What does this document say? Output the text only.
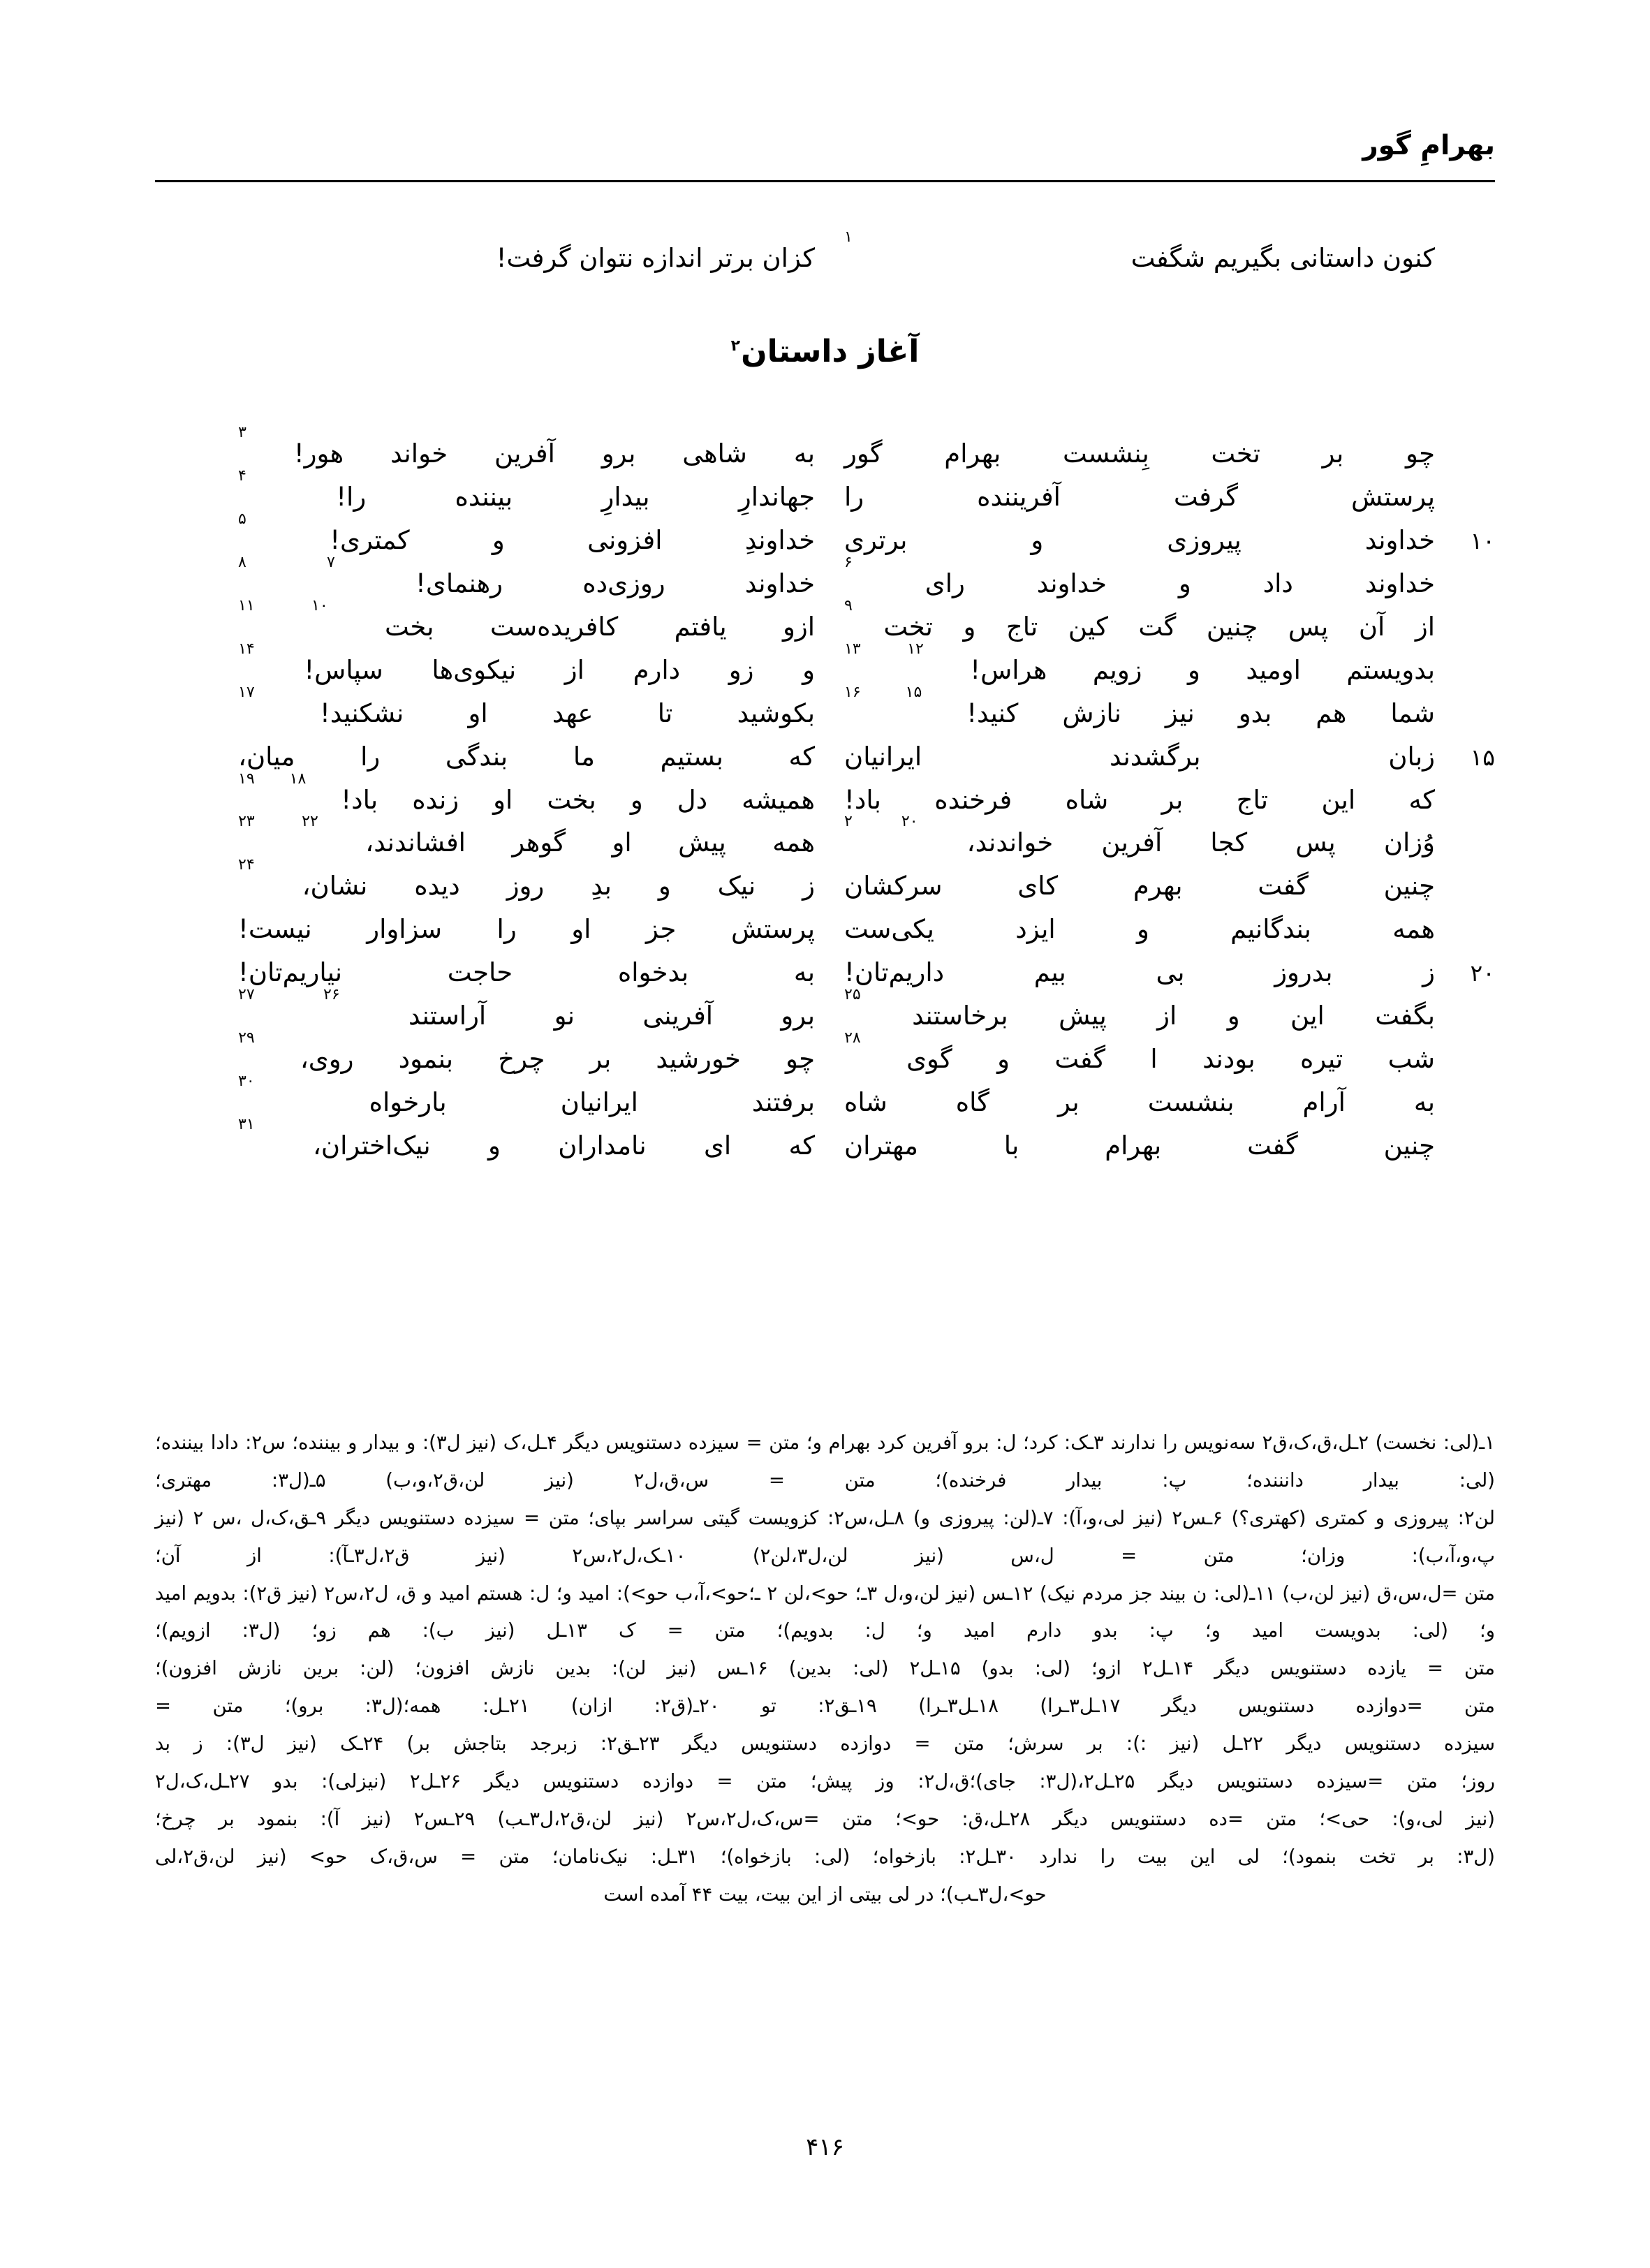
بهرامِ گور
کنون داستانی بگیریم شگفت
۱
کزان برتر اندازه نتوان گرفت!
آغاز داستان$^۲$
چو
بر
تخت
بِنشست
بهرام
گور
به
شاهی
برو
آفرین
خواند
هور!
۳
پرستش
گرفت
آفریننده
را
جهاندارِ
بیدارِ
بیننده
را!
۴
۱۰
خداوند
پیروزی
و
برتری
خداوندِ
افزونی
و
کمتری!
۵
خداوند
داد
و
خداوند
رای
۶
خداوند
روزی‌ده
رهنمای!
۷
۸
از
آن
پس
چنین
گت
کین
تاج
و
تخت
۹
ازو
یافتم
کافریده‌ست
بخت
۱۰
۱۱
بدویستم
اومید
و
زویم
هراس!
۱۲
۱۳
و
زو
دارم
از
نیکوی‌ها
سپاس!
۱۴
شما
هم
بدو
نیز
نازش
کنید!
۱۵
۱۶
بکوشید
تا
عهد
او
نشکنید!
۱۷
۱۵
زبان
برگشدند
ایرانیان
که
بستیم
ما
بندگی
را
میان،
که
این
تاج
بر
شاه
فرخنده
باد!
همیشه
دل
و
بخت
او
زنده
باد!
۱۸
۱۹
وُزان
پس
کجا
آفرین
خواندند،
۲۰
۲
همه
پیش
او
گوهر
افشاندند،
۲۲
۲۳
چنین
گفت
بهرم
کای
سرکشان
ز
نیک
و
بدِ
روز
دیده
نشان،
۲۴
همه
بندگانیم
و
ایزد
یکی‌ست
پرستش
جز
او
را
سزاوار
نیست!
۲۰
ز
بدروز
بی
بیم
داریم‌تان!
به
بدخواه
حاجت
نیاریم‌تان!
بگفت
این
و
از
پیش
برخاستند
۲۵
برو
آفرینی
نو
آراستند
۲۶
۲۷
شب
تیره
بودند
ا
گفت
و
گوی
۲۸
چو
خورشید
بر
چرخ
بنمود
روی،
۲۹
به
آرام
بنشست
بر
گاه
شاه
برفتند
ایرانیان
بارخواه
۳۰
چنین
گفت
بهرام
با
مهتران
که
ای
نامداران
و
نیک‌اختران،
۳۱

۱ـ(لی: نخست) ۲ـل،ق،ک،ق۲ سه‌نویس را ندارند ۳ـک: کرد؛ ل: برو آفرین کرد بهرام و؛ متن = سیزده دستنویس دیگر ۴ـل،ک (نیز ل۳): و بیدار و بیننده؛ س۲: دادا بیننده؛ (لی: بیدار دانننده؛ پ: بیدار فرخنده)؛ متن = س،ق،ل۲ (نیز لن،ق۲،و،ب) ۵ـ(ل۳: مهتری؛

لن۲: پیروزی و کمتری (کهتری؟) ۶ـس۲ (نیز لی،و،آ): ۷ـ(لن: پیروزی و) ۸ـل،س۲: کزویست گیتی سراسر بپای؛ متن = سیزده دستنویس دیگر ۹ـق،ک،ل ،س ۲ (نیز پ،و،آ،ب): وزان؛ متن = ل،س (نیز لن،ل۳،لن۲) ۱۰ـک،ل۲،س۲ (نیز ق۲،ل۳ـآ): از آن؛

متن =ل،س،ق (نیز لن،ب) ۱۱ـ(لی: ن بیند جز مردم نیک) ۱۲ـس (نیز لن،و،ل ۳ـ؛ حو>،لن ۲ ـ؛حو>،آ،ب حو>): امید و؛ ل: هستم امید و ق، ل۲،س۲ (نیز ق۲): بدویم امید و؛ (لی: بدویست امید و؛ پ: بدو دارم امید و؛ ل: بدویم)؛ متن = ک ۱۳ـل (نیز ب): هم زو؛ (ل۳: ازویم)؛

متن = یازده دستنویس دیگر ۱۴ـل۲ ازو؛ (لی: بدو) ۱۵ـل۲ (لی: بدین) ۱۶ـس (نیز لن): بدین نازش افزون؛ (لن: برین نازش افزون)؛

متن =دوازده دستنویس دیگر ۱۷ـل۳ـرا) ۱۸ـل۳ـرا) ۱۹ـق۲: تو ۲۰ـ(ق۲: ازان) ۲۱ـل: همه؛(ل۳: برو)؛ متن =

سیزده دستنویس دیگر ۲۲ـل (نیز :): بر سرش؛ متن = دوازده دستنویس دیگر ۲۳ـق۲: زبرجد بتاجش بر) ۲۴ـک (نیز ل۳): ز بد

روز؛ متن =سیزده دستنویس دیگر ۲۵ـل۲،(ل۳: جای)؛ق،ل۲: وز پیش؛ متن = دوازده دستنویس دیگر ۲۶ـل۲ (نیزلی): بدو ۲۷ـل،ک،ل۲

(نیز لی،و): حی>؛ متن =ده دستنویس دیگر ۲۸ـل،ق: حو>؛ متن =س،ک،ل۲،س۲ (نیز لن،ق۲،ل۳ـب) ۲۹ـس۲ (نیز آ): بنمود بر چرخ؛

(ل۳: بر تخت بنمود)؛ لی این بیت را ندارد ۳۰ـل۲: بازخواه؛ (لی: بازخواه)؛ ۳۱ـل: نیک‌نامان؛ متن = س،ق،ک حو> (نیز لن،ق۲،لی

حو>،ل۳ـب)؛ در لی بیتی از این بیت، بیت ۴۴ آمده است

۴۱۶
